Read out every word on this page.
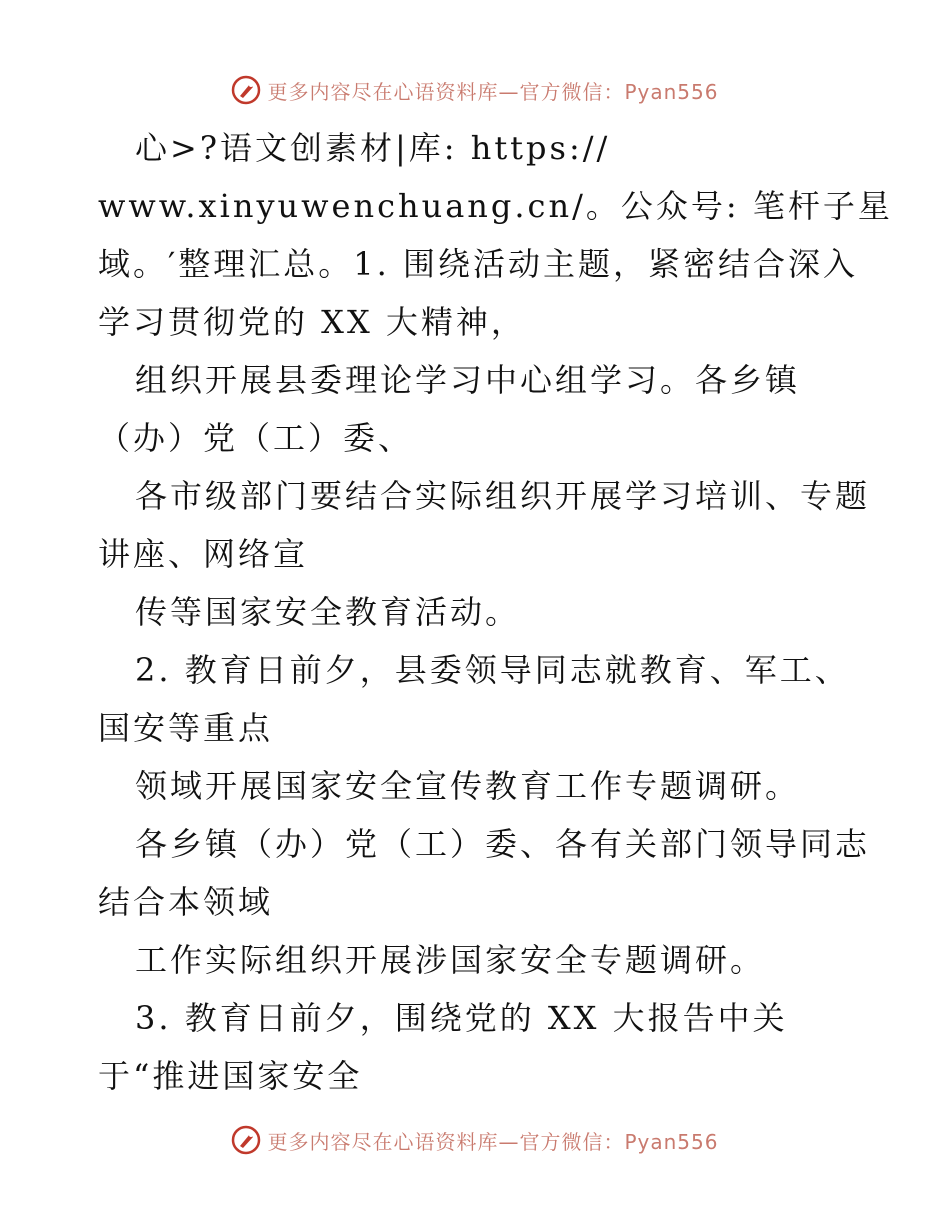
更多内容尽在心语资料库—官方微信：Pyan556
心>?语文创素材|库: https://
www.xinyuwenchuang.cn/。公众号: 笔杆子星
域。′整理汇总。1. 围绕活动主题，紧密结合深入
学习贯彻党的 XX 大精神，
组织开展县委理论学习中心组学习。各乡镇
（办）党（工）委、
各市级部门要结合实际组织开展学习培训、专题
讲座、网络宣
传等国家安全教育活动。
2. 教育日前夕，县委领导同志就教育、军工、
国安等重点
领域开展国家安全宣传教育工作专题调研。
各乡镇（办）党（工）委、各有关部门领导同志
结合本领域
工作实际组织开展涉国家安全专题调研。
3. 教育日前夕，围绕党的 XX 大报告中关
于“推进国家安全
更多内容尽在心语资料库—官方微信：Pyan556
